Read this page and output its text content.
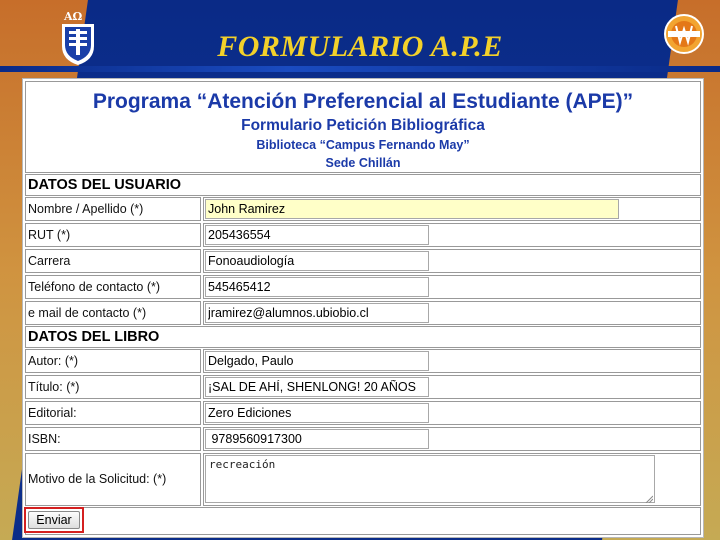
AΩ
FORMULARIO A.P.E
Programa “Atención Preferencial al Estudiante (APE)”
Formulario Petición Bibliográfica
Biblioteca “Campus Fernando May”
Sede Chillán
DATOS DEL USUARIO
Nombre / Apellido (*)
John Ramirez
RUT (*)
205436554
Carrera
Fonoaudiología
Teléfono de contacto (*)
545465412
e mail de contacto (*)
jramirez@alumnos.ubiobio.cl
DATOS DEL LIBRO
Autor: (*)
Delgado, Paulo
Título: (*)
¡SAL DE AHÍ, SHENLONG! 20 AÑOS
Editorial:
Zero Ediciones
ISBN:
9789560917300
Motivo de la Solicitud: (*)
recreación
Enviar
